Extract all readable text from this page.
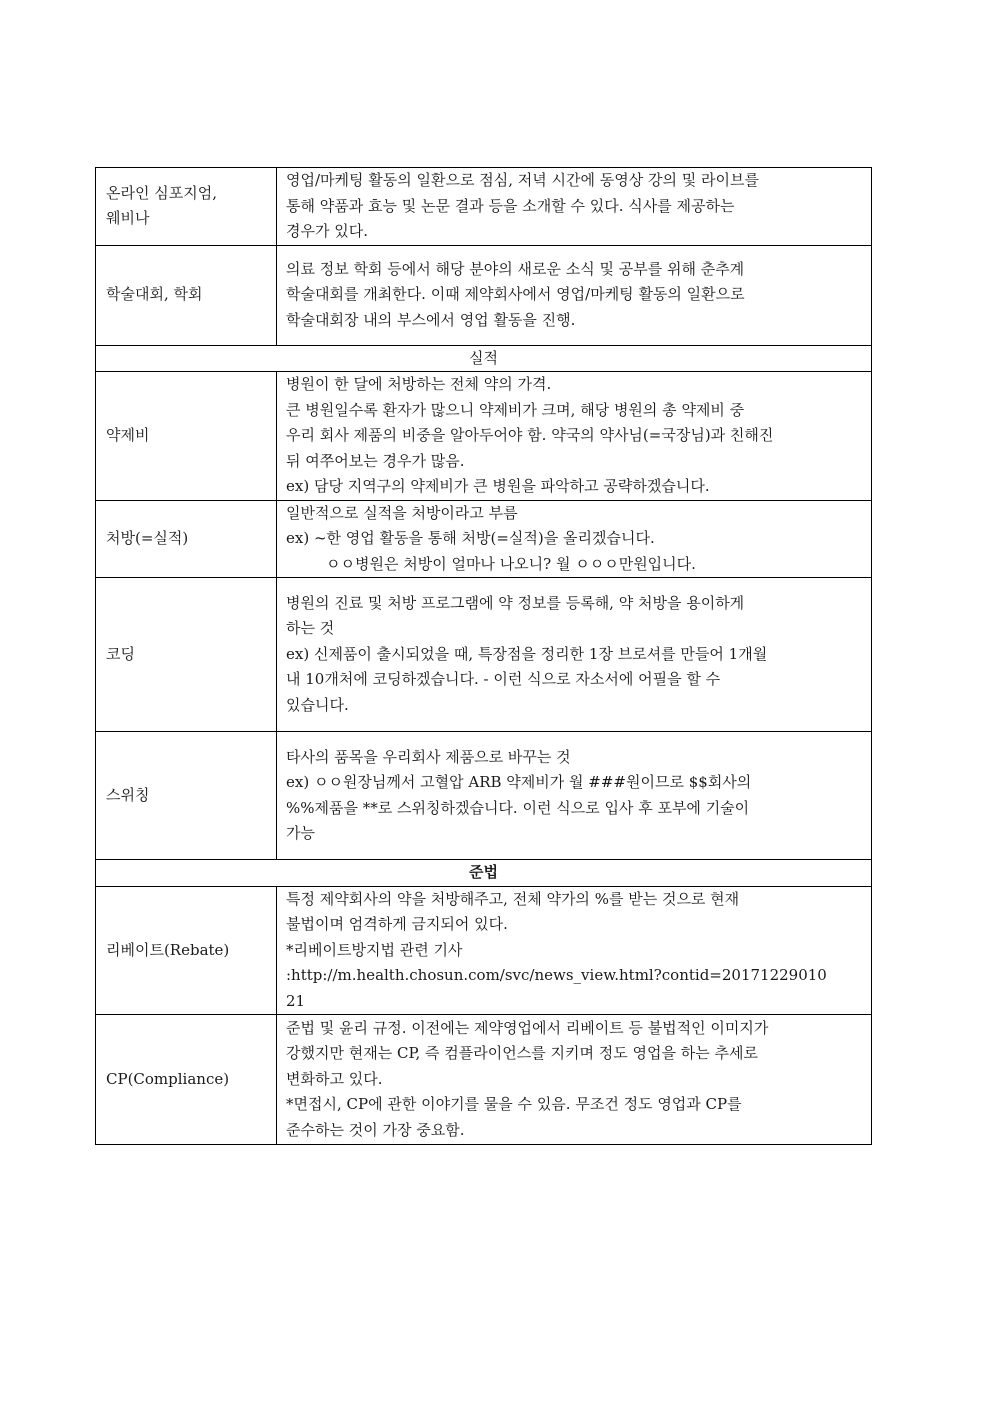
온라인 심포지엄,
웨비나	영업/마케팅 활동의 일환으로 점심, 저녁 시간에 동영상 강의 및 라이브를
통해 약품과 효능 및 논문 결과 등을 소개할 수 있다. 식사를 제공하는
경우가 있다.

학술대회, 학회	의료 정보 학회 등에서 해당 분야의 새로운 소식 및 공부를 위해 춘추계
학술대회를 개최한다. 이때 제약회사에서 영업/마케팅 활동의 일환으로
학술대회장 내의 부스에서 영업 활동을 진행.

실적	

약제비	병원이 한 달에 처방하는 전체 약의 가격.
큰 병원일수록 환자가 많으니 약제비가 크며, 해당 병원의 총 약제비 중
우리 회사 제품의 비중을 알아두어야 함. 약국의 약사님(=국장님)과 친해진
뒤 여쭈어보는 경우가 많음.
ex) 담당 지역구의 약제비가 큰 병원을 파악하고 공략하겠습니다.

처방(=실적)	일반적으로 실적을 처방이라고 부름
ex) ~한 영업 활동을 통해 처방(=실적)을 올리겠습니다.
ㅇㅇ병원은 처방이 얼마나 나오니? 월 ㅇㅇㅇ만원입니다.

코딩	병원의 진료 및 처방 프로그램에 약 정보를 등록해, 약 처방을 용이하게
하는 것
ex) 신제품이 출시되었을 때, 특장점을 정리한 1장 브로셔를 만들어 1개월
내 10개처에 코딩하겠습니다. - 이런 식으로 자소서에 어필을 할 수
있습니다.

스위칭	타사의 품목을 우리회사 제품으로 바꾸는 것
ex) ㅇㅇ원장님께서 고혈압 ARB 약제비가 월 ###원이므로 $$회사의
%%제품을 **로 스위칭하겠습니다. 이런 식으로 입사 후 포부에 기술이
가능

준법	

리베이트(Rebate)	특정 제약회사의 약을 처방해주고, 전체 약가의 %를 받는 것으로 현재
불법이며 엄격하게 금지되어 있다.
*리베이트방지법 관련 기사
:http://m.health.chosun.com/svc/news_view.html?contid=20171229010
21

CP(Compliance)	준법 및 윤리 규정. 이전에는 제약영업에서 리베이트 등 불법적인 이미지가
강했지만 현재는 CP, 즉 컴플라이언스를 지키며 정도 영업을 하는 추세로
변화하고 있다.
*면접시, CP에 관한 이야기를 물을 수 있음. 무조건 정도 영업과 CP를
준수하는 것이 가장 중요함.
